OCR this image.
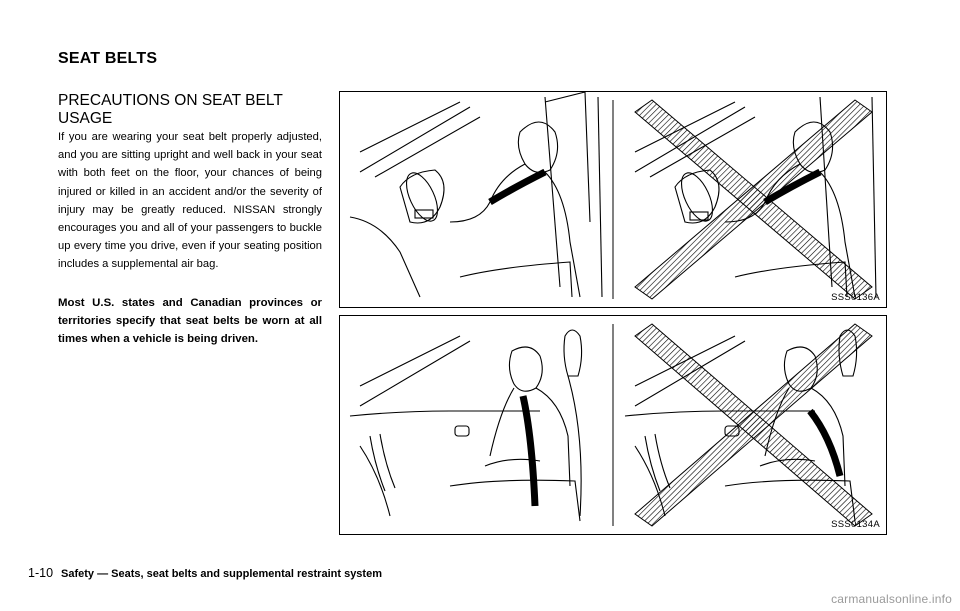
SEAT BELTS
PRECAUTIONS ON SEAT BELT USAGE

If you are wearing your seat belt properly adjusted, and you are sitting upright and well back in your seat with both feet on the floor, your chances of being injured or killed in an accident and/or the severity of injury may be greatly reduced. NISSAN strongly encourages you and all of your passengers to buckle up every time you drive, even if your seating position includes a supplemental air bag.

Most U.S. states and Canadian provinces or territories specify that seat belts be worn at all times when a vehicle is being driven.

SSS0136A
SSS0134A
1-10 Safety — Seats, seat belts and supplemental restraint system
carmanualsonline.info
